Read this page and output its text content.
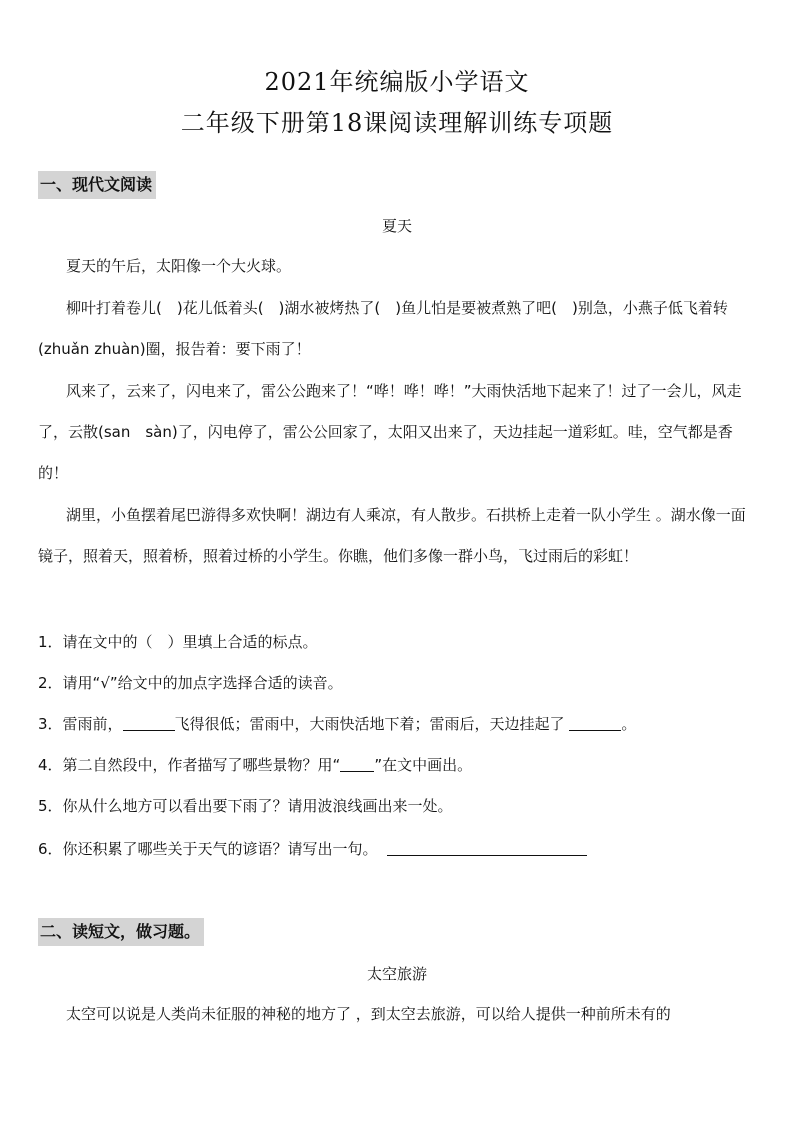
2021年统编版小学语文
二年级下册第18课阅读理解训练专项题
一、现代文阅读
夏天

夏天的午后，太阳像一个大火球。

柳叶打着卷儿(　)花儿低着头(　)湖水被烤热了(　)鱼儿怕是要被煮熟了吧(　)别急，小燕子低飞着转(zhuǎn zhuàn)圈，报告着：要下雨了！

风来了，云来了，闪电来了，雷公公跑来了！“哗！哗！哗！”大雨快活地下起来了！过了一会儿，风走了，云散(san　sàn)了，闪电停了，雷公公回家了，太阳又出来了，天边挂起一道彩虹。哇，空气都是香的！

湖里，小鱼摆着尾巴游得多欢快啊！湖边有人乘凉，有人散步。石拱桥上走着一队小学生 。湖水像一面镜子，照着天，照着桥，照着过桥的小学生。你瞧，他们多像一群小鸟，飞过雨后的彩虹！

1．请在文中的（　）里填上合适的标点。

2．请用“√”给文中的加点字选择合适的读音。

3．雷雨前，	飞得很低；雷雨中，大雨快活地下着；雷雨后，天边挂起了	。

4．第二自然段中，作者描写了哪些景物？用“ ”在文中画出。

5．你从什么地方可以看出要下雨了？请用波浪线画出来一处。

6．你还积累了哪些关于天气的谚语？请写出一句。

二、读短文，做习题。
太空旅游

太空可以说是人类尚未征服的神秘的地方了 ，到太空去旅游，可以给人提供一种前所未有的
